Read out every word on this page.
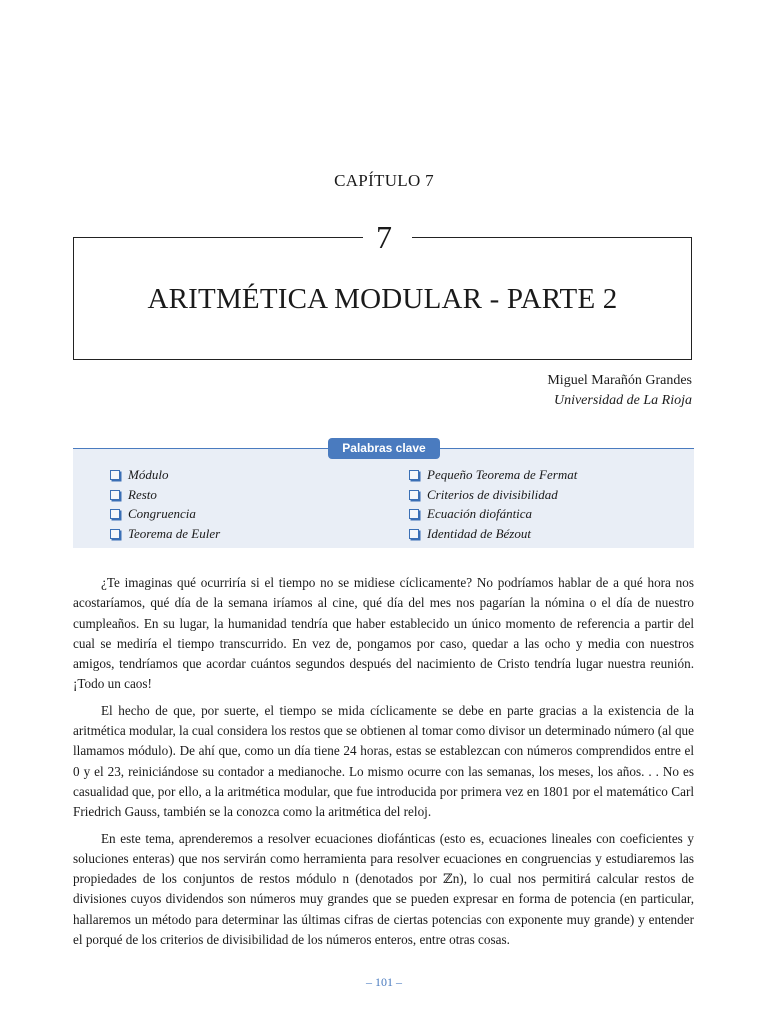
CAPÍTULO 7
7
ARITMÉTICA MODULAR - PARTE 2
Miguel Marañón Grandes
Universidad de La Rioja
Palabras clave
Módulo
Resto
Congruencia
Teorema de Euler
Pequeño Teorema de Fermat
Criterios de divisibilidad
Ecuación diofántica
Identidad de Bézout

¿Te imaginas qué ocurriría si el tiempo no se midiese cíclicamente? No podríamos hablar de a qué hora nos acostaríamos, qué día de la semana iríamos al cine, qué día del mes nos pagarían la nómina o el día de nuestro cumpleaños. En su lugar, la humanidad tendría que haber establecido un único momento de referencia a partir del cual se mediría el tiempo transcurrido. En vez de, pongamos por caso, quedar a las ocho y media con nuestros amigos, tendríamos que acordar cuántos segundos después del nacimiento de Cristo tendría lugar nuestra reunión. ¡Todo un caos!

El hecho de que, por suerte, el tiempo se mida cíclicamente se debe en parte gracias a la existencia de la aritmética modular, la cual considera los restos que se obtienen al tomar como divisor un determinado número (al que llamamos módulo). De ahí que, como un día tiene 24 horas, estas se establezcan con números comprendidos entre el 0 y el 23, reiniciándose su contador a medianoche. Lo mismo ocurre con las semanas, los meses, los años. . . No es casualidad que, por ello, a la aritmética modular, que fue introducida por primera vez en 1801 por el matemático Carl Friedrich Gauss, también se la conozca como la aritmética del reloj.

En este tema, aprenderemos a resolver ecuaciones diofánticas (esto es, ecuaciones lineales con coeficientes y soluciones enteras) que nos servirán como herramienta para resolver ecuaciones en congruencias y estudiaremos las propiedades de los conjuntos de restos módulo n (denotados por ℤn), lo cual nos permitirá calcular restos de divisiones cuyos dividendos son números muy grandes que se pueden expresar en forma de potencia (en particular, hallaremos un método para determinar las últimas cifras de ciertas potencias con exponente muy grande) y entender el porqué de los criterios de divisibilidad de los números enteros, entre otras cosas.

– 101 –
